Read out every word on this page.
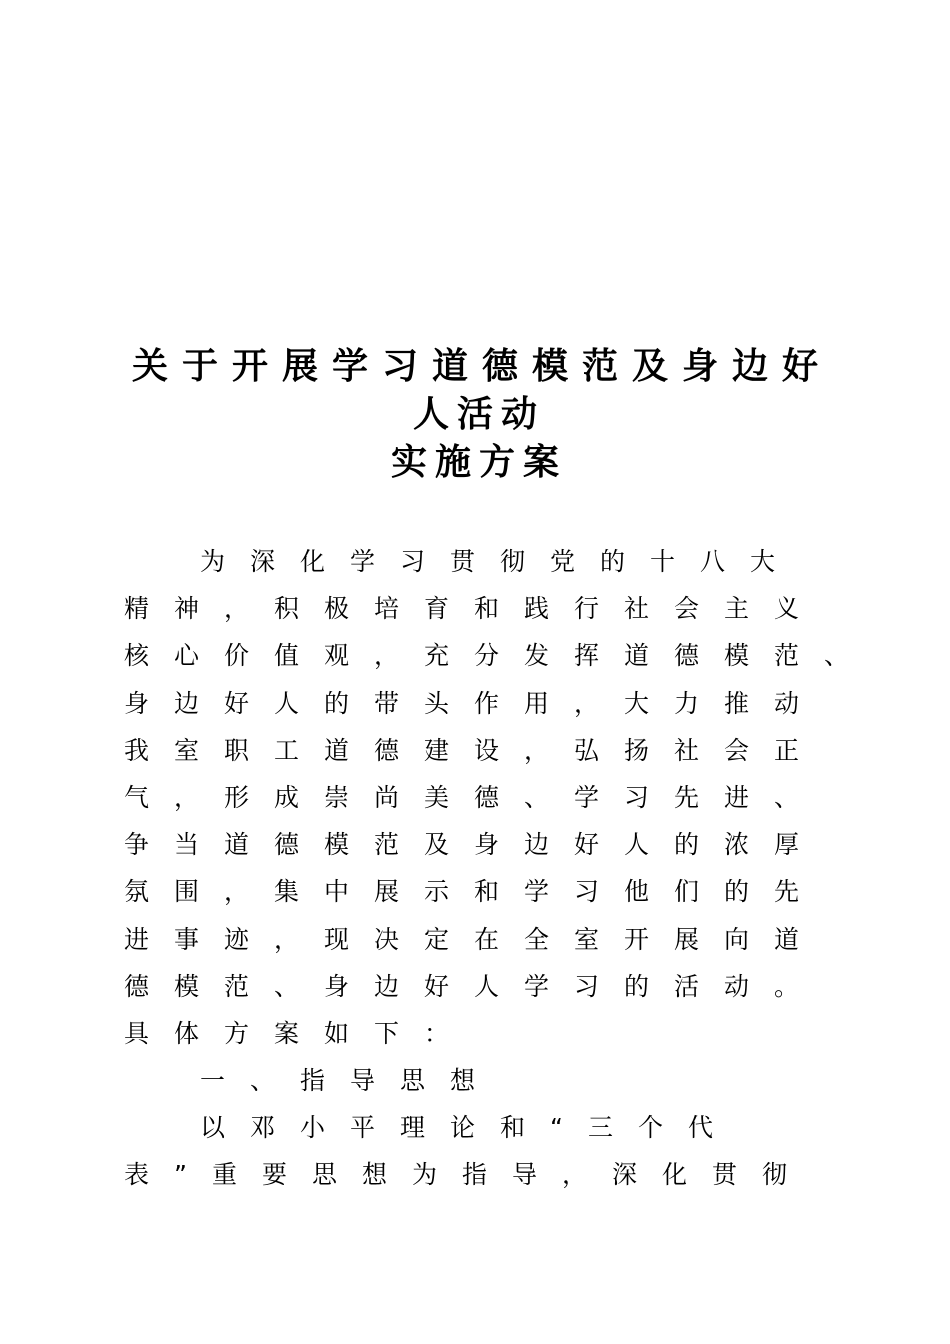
关于开展学习道德模范及身边好
人活动
实施方案
为深化学习贯彻党的十八大
精神，积极培育和践行社会主义
核心价值观，充分发挥道德模范、
身边好人的带头作用，大力推动
我室职工道德建设，弘扬社会正
气，形成崇尚美德、学习先进、
争当道德模范及身边好人的浓厚
氛围，集中展示和学习他们的先
进事迹，现决定在全室开展向道
德模范、身边好人学习的活动。
具体方案如下：
一、指导思想
以邓小平理论和“三个代
表”重要思想为指导，深化贯彻
